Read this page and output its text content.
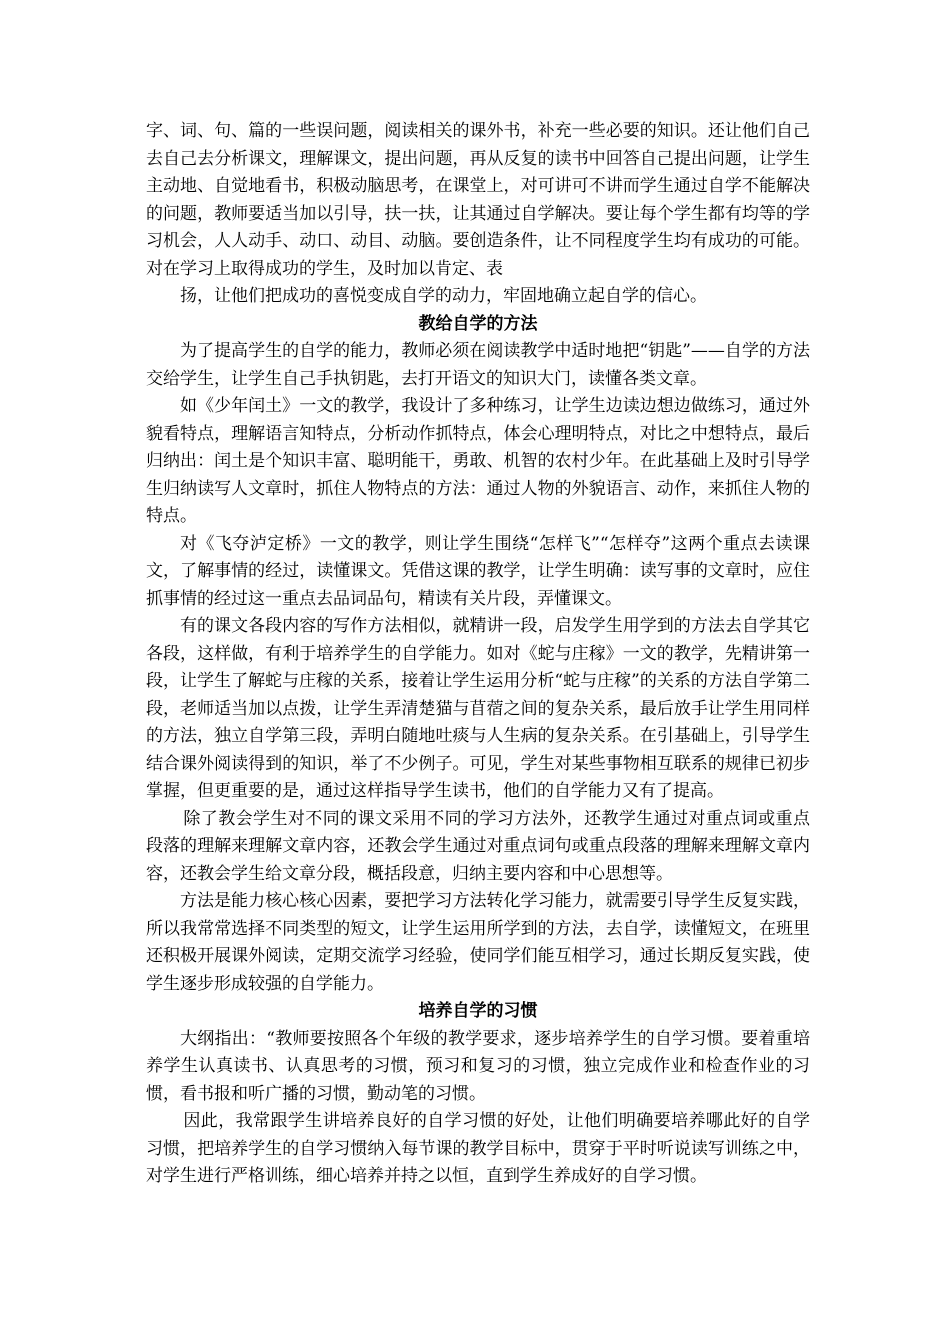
字、词、句、篇的一些误问题，阅读相关的课外书，补充一些必要的知识。还让他们自己去自己去分析课文，理解课文，提出问题，再从反复的读书中回答自己提出问题，让学生主动地、自觉地看书，积极动脑思考，在课堂上，对可讲可不讲而学生通过自学不能解决的问题，教师要适当加以引导，扶一扶，让其通过自学解决。要让每个学生都有均等的学习机会，人人动手、动口、动目、动脑。要创造条件，让不同程度学生均有成功的可能。对在学习上取得成功的学生，及时加以肯定、表

扬，让他们把成功的喜悦变成自学的动力，牢固地确立起自学的信心。

教给自学的方法

为了提高学生的自学的能力，教师必须在阅读教学中适时地把“钥匙”——自学的方法交给学生，让学生自己手执钥匙，去打开语文的知识大门，读懂各类文章。

如《少年闰土》一文的教学，我设计了多种练习，让学生边读边想边做练习，通过外貌看特点，理解语言知特点，分析动作抓特点，体会心理明特点，对比之中想特点，最后归纳出：闰土是个知识丰富、聪明能干，勇敢、机智的农村少年。在此基础上及时引导学生归纳读写人文章时，抓住人物特点的方法：通过人物的外貌语言、动作，来抓住人物的特点。

对《飞夺泸定桥》一文的教学，则让学生围绕“怎样飞”“怎样夺”这两个重点去读课文，了解事情的经过，读懂课文。凭借这课的教学，让学生明确：读写事的文章时，应住抓事情的经过这一重点去品词品句，精读有关片段，弄懂课文。

有的课文各段内容的写作方法相似，就精讲一段，启发学生用学到的方法去自学其它各段，这样做，有利于培养学生的自学能力。如对《蛇与庄稼》一文的教学，先精讲第一段，让学生了解蛇与庄稼的关系，接着让学生运用分析“蛇与庄稼”的关系的方法自学第二段，老师适当加以点拨，让学生弄清楚猫与苜蓿之间的复杂关系，最后放手让学生用同样的方法，独立自学第三段，弄明白随地吐痰与人生病的复杂关系。在引基础上，引导学生结合课外阅读得到的知识，举了不少例子。可见，学生对某些事物相互联系的规律已初步掌握，但更重要的是，通过这样指导学生读书，他们的自学能力又有了提高。

除了教会学生对不同的课文采用不同的学习方法外，还教学生通过对重点词或重点段落的理解来理解文章内容，还教会学生通过对重点词句或重点段落的理解来理解文章内容，还教会学生给文章分段，概括段意，归纳主要内容和中心思想等。

方法是能力核心核心因素，要把学习方法转化学习能力，就需要引导学生反复实践，所以我常常选择不同类型的短文，让学生运用所学到的方法，去自学，读懂短文，在班里还积极开展课外阅读，定期交流学习经验，使同学们能互相学习，通过长期反复实践，使学生逐步形成较强的自学能力。

培养自学的习惯

大纲指出：“教师要按照各个年级的教学要求，逐步培养学生的自学习惯。要着重培养学生认真读书、认真思考的习惯，预习和复习的习惯，独立完成作业和检查作业的习惯，看书报和听广播的习惯，勤动笔的习惯。

因此，我常跟学生讲培养良好的自学习惯的好处，让他们明确要培养哪此好的自学习惯，把培养学生的自学习惯纳入每节课的教学目标中，贯穿于平时听说读写训练之中，对学生进行严格训练，细心培养并持之以恒，直到学生养成好的自学习惯。
